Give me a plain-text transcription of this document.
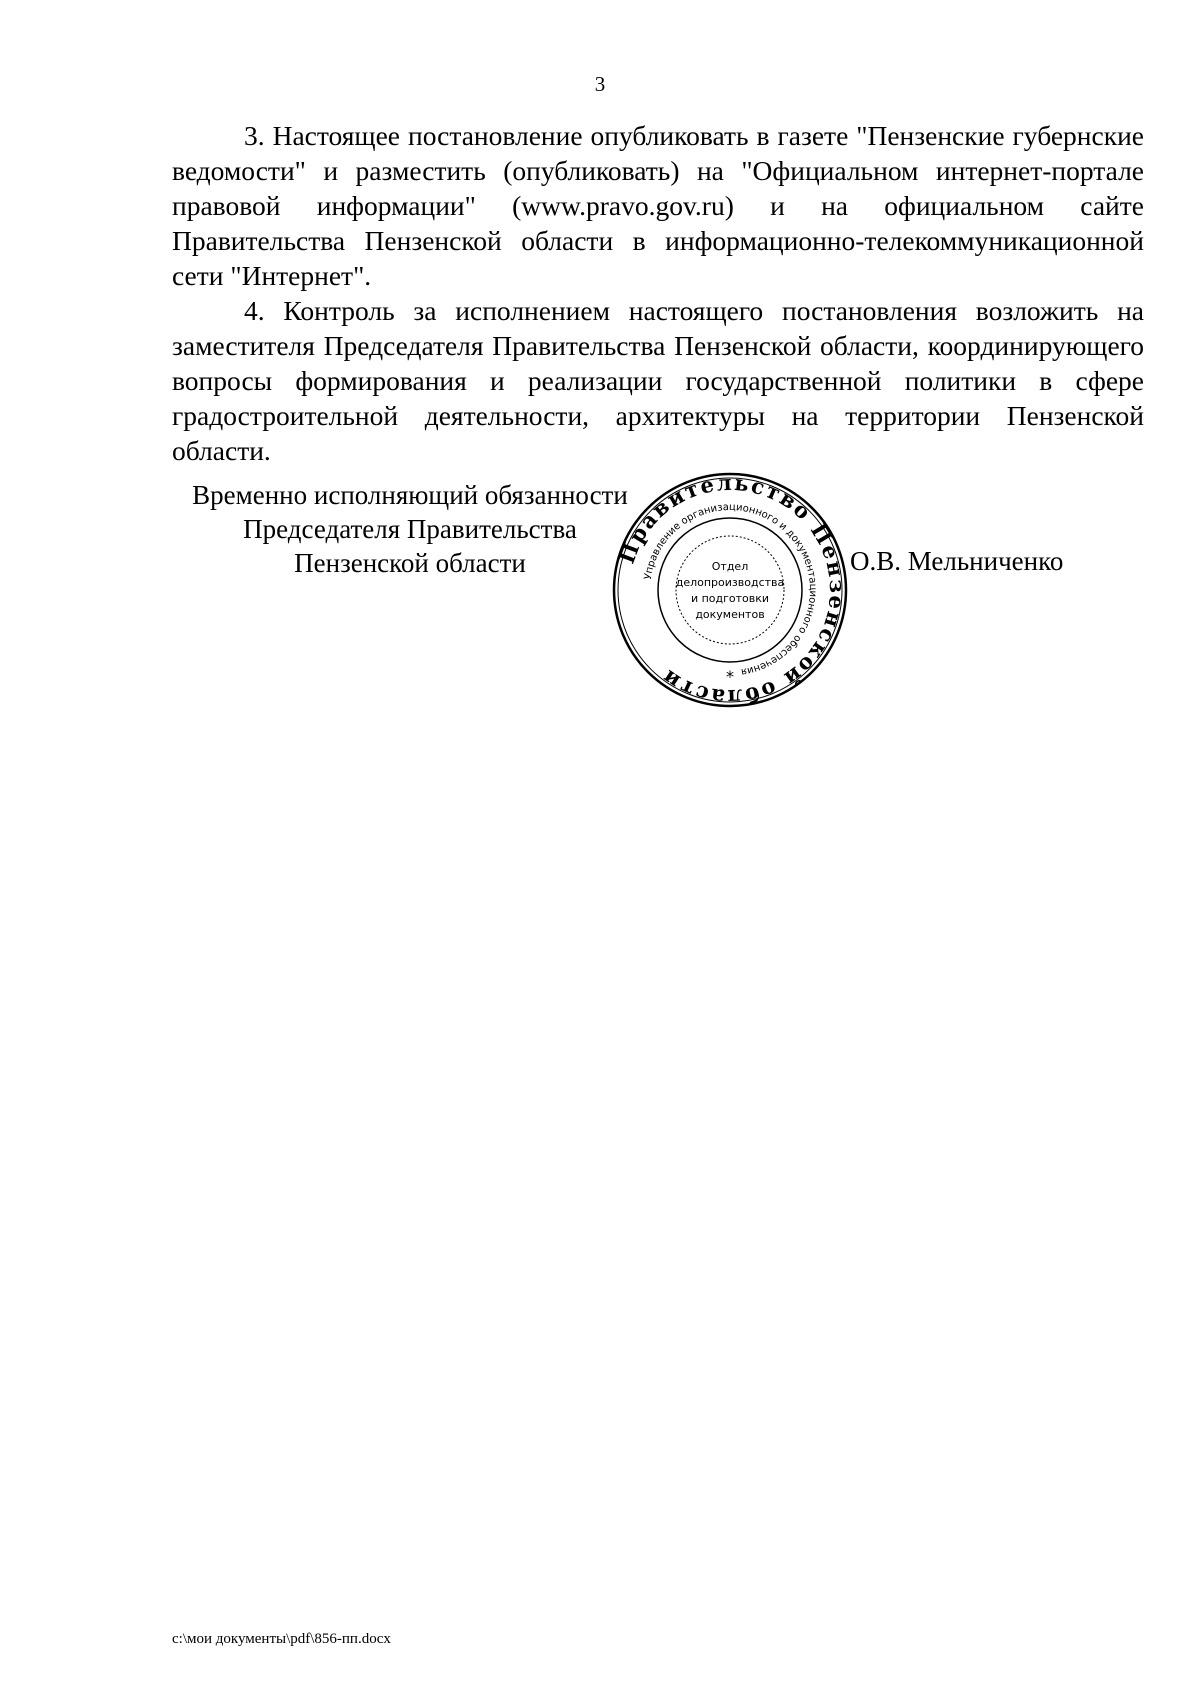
3

3. Настоящее постановление опубликовать в газете "Пензенские губернские ведомости" и разместить (опубликовать) на "Официальном интернет-портале правовой информации" (www.pravo.gov.ru) и на официальном сайте Правительства Пензенской области в информационно-телекоммуникационной сети "Интернет".

4. Контроль за исполнением настоящего постановления возложить на заместителя Председателя Правительства Пензенской области, координирующего вопросы формирования и реализации государственной политики в сфере градостроительной деятельности, архитектуры на территории Пензенской области.

Временно исполняющий обязанности
Председателя Правительства
Пензенской области	Правительство Пензенской области
Управление организационного и документационного обеспечения
Отдел
делопроизводства
и подготовки
документов
*
О.В. Мельниченко
c:\мои документы\pdf\856-пп.docx
